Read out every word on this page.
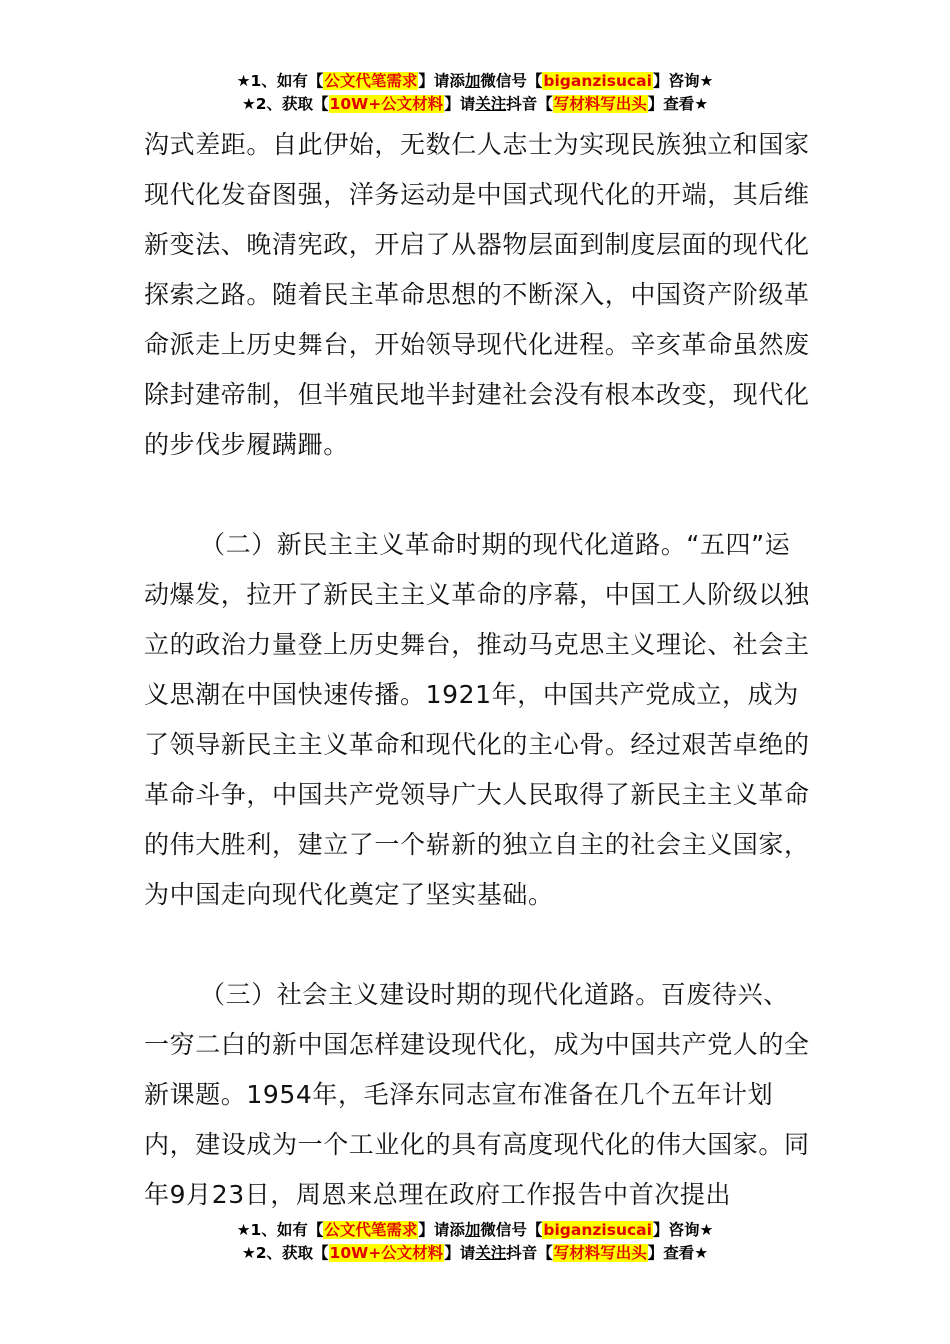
★1、如有【公文代笔需求】请添加微信号【biganzisucai】咨询★
★2、获取【10W+公文材料】请关注抖音【写材料写出头】查看★

沟式差距。自此伊始，无数仁人志士为实现民族独立和国家现代化发奋图强，洋务运动是中国式现代化的开端，其后维新变法、晚清宪政，开启了从器物层面到制度层面的现代化探索之路。随着民主革命思想的不断深入，中国资产阶级革命派走上历史舞台，开始领导现代化进程。辛亥革命虽然废除封建帝制，但半殖民地半封建社会没有根本改变，现代化的步伐步履蹒跚。

（二）新民主主义革命时期的现代化道路。“五四”运动爆发，拉开了新民主主义革命的序幕，中国工人阶级以独立的政治力量登上历史舞台，推动马克思主义理论、社会主义思潮在中国快速传播。1921年，中国共产党成立，成为了领导新民主主义革命和现代化的主心骨。经过艰苦卓绝的革命斗争，中国共产党领导广大人民取得了新民主主义革命的伟大胜利，建立了一个崭新的独立自主的社会主义国家，为中国走向现代化奠定了坚实基础。

（三）社会主义建设时期的现代化道路。百废待兴、一穷二白的新中国怎样建设现代化，成为中国共产党人的全新课题。1954年，毛泽东同志宣布准备在几个五年计划内，建设成为一个工业化的具有高度现代化的伟大国家。同年9月23日，周恩来总理在政府工作报告中首次提出

★1、如有【公文代笔需求】请添加微信号【biganzisucai】咨询★
★2、获取【10W+公文材料】请关注抖音【写材料写出头】查看★
